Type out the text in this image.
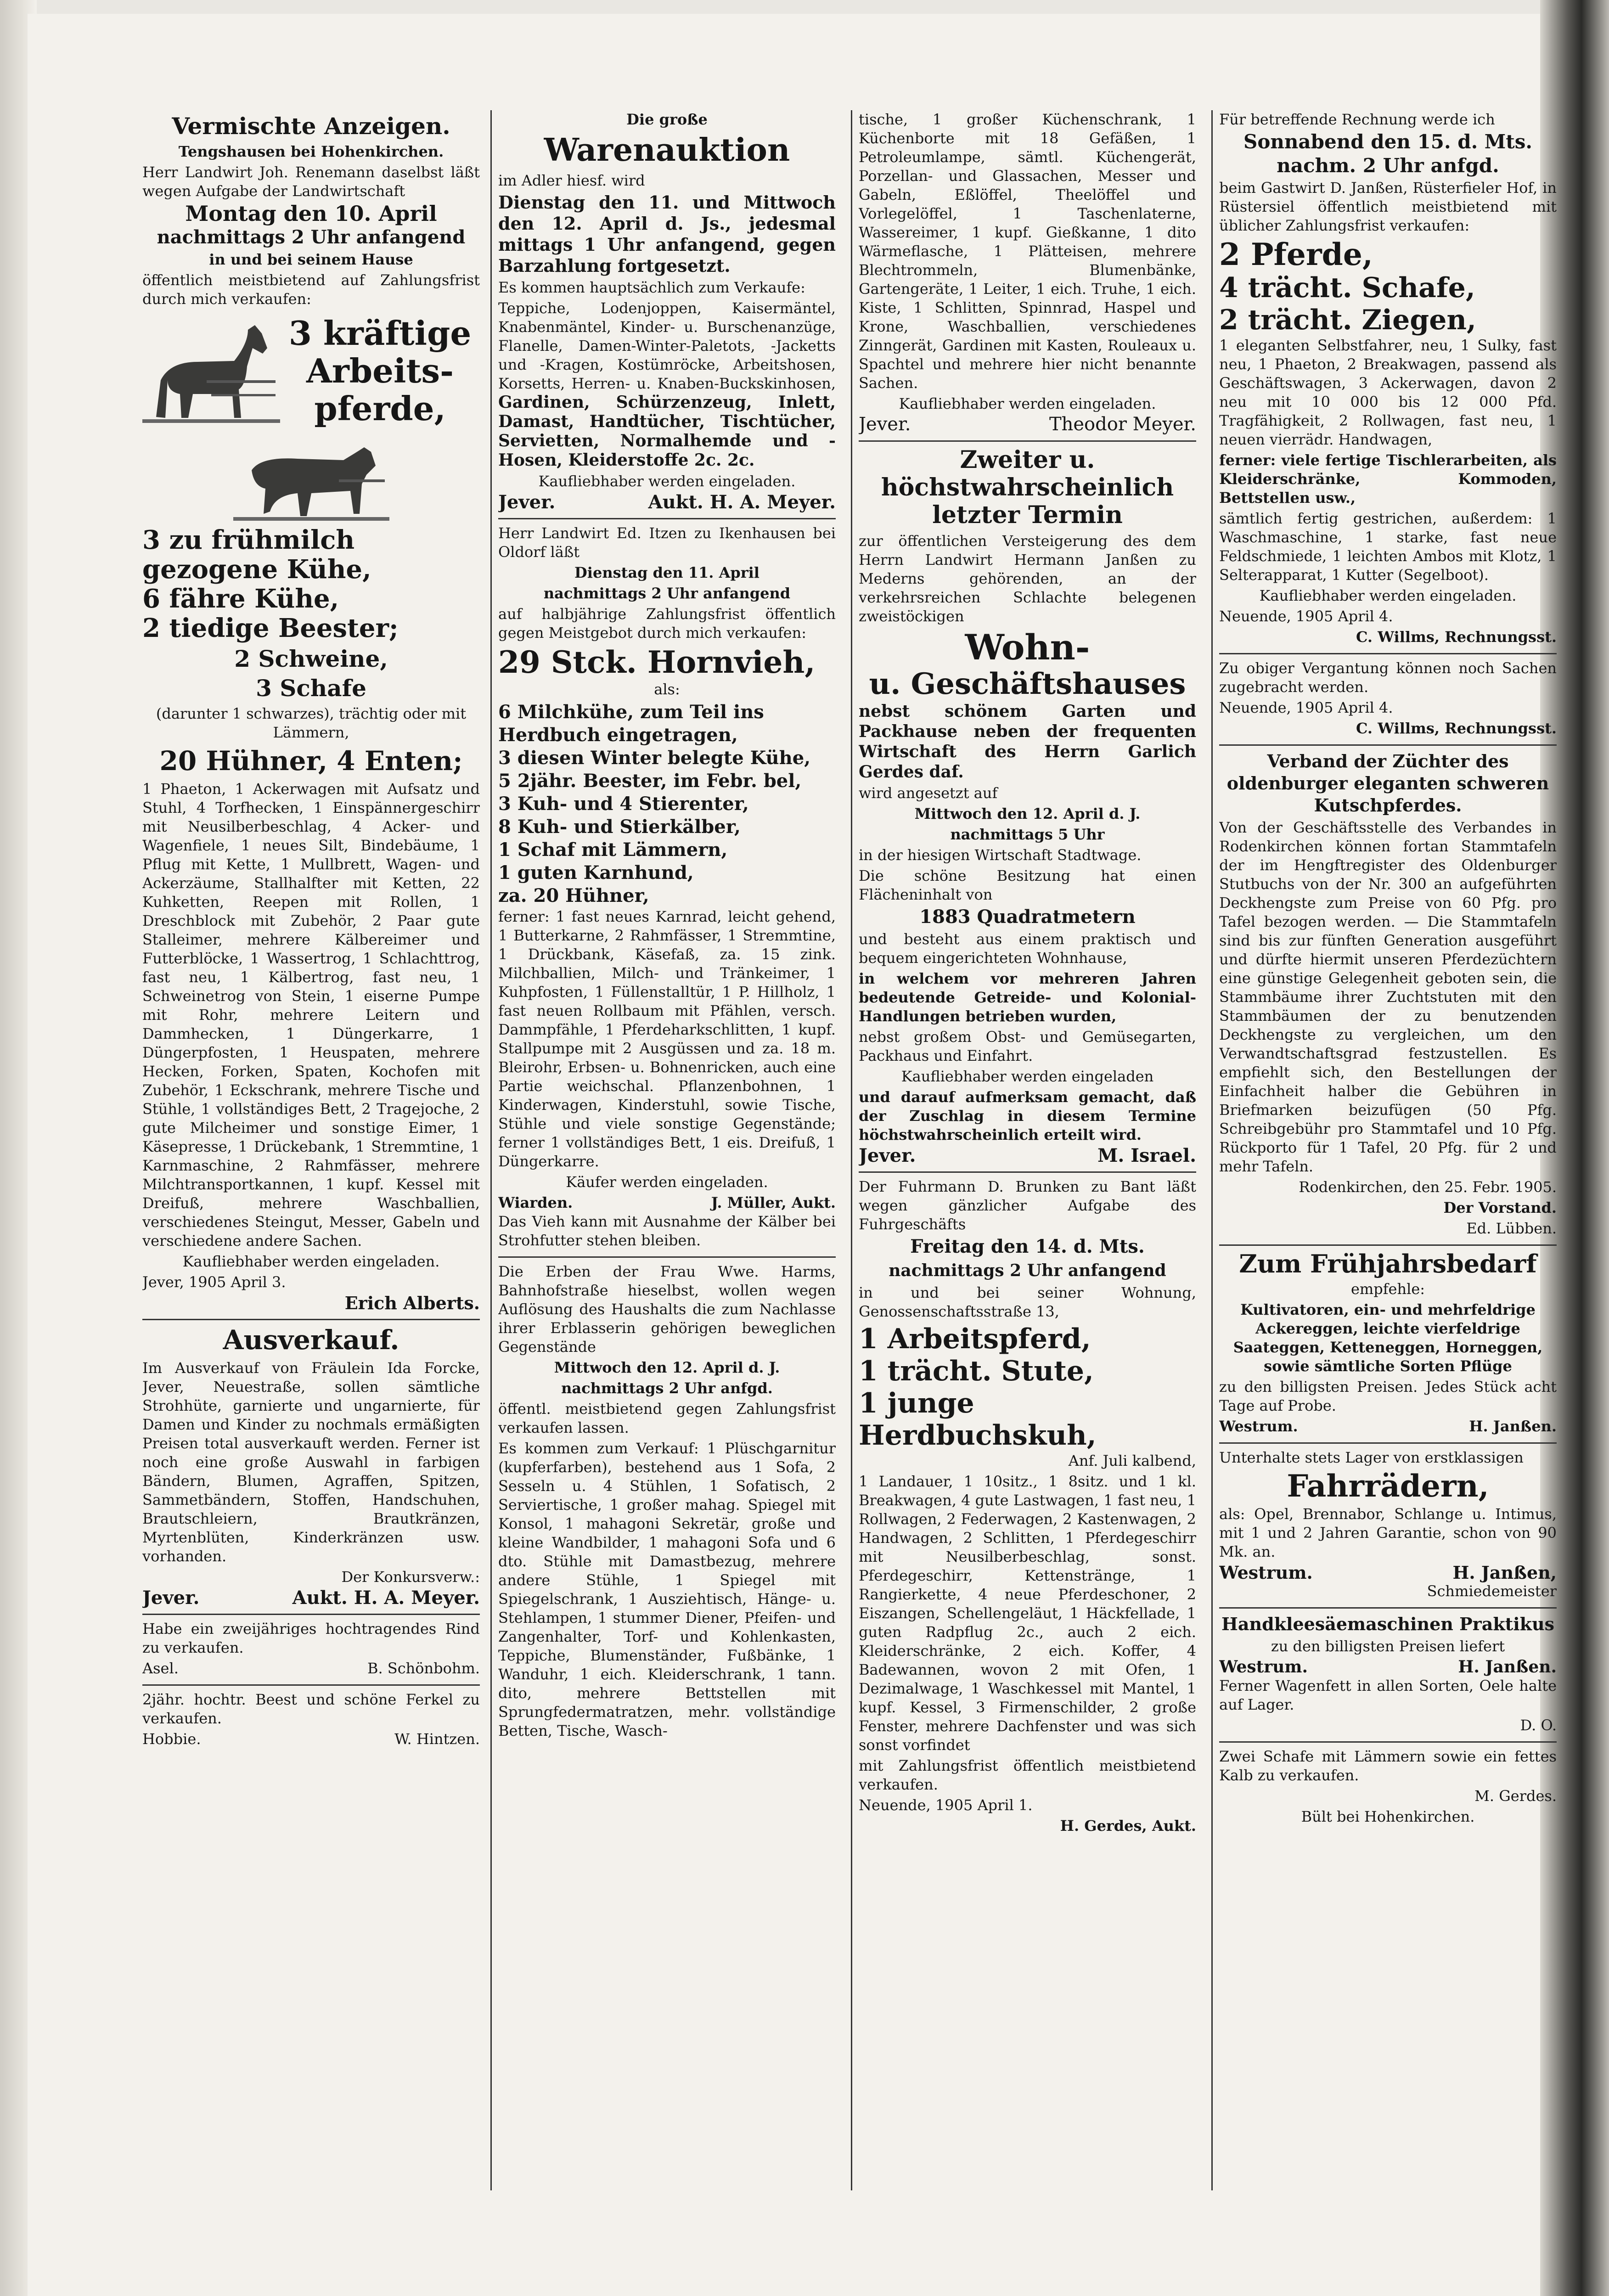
Vermischte Anzeigen.

Tengshausen bei Hohenkirchen.

Herr Landwirt Joh. Renemann daselbst läßt wegen Aufgabe der Landwirtschaft

Montag den 10. April
nachmittags 2 Uhr anfangend

in und bei seinem Hause

öffentlich meistbietend auf Zahlungsfrist durch mich verkaufen:

3 kräftige
Arbeits-
pferde,
3 zu frühmilch gezogene Kühe,
6 fähre Kühe,
2 tiedige Beester;
2 Schweine,
3 Schafe

(darunter 1 schwarzes), trächtig oder mit Lämmern,

20 Hühner, 4 Enten;

1 Phaeton, 1 Ackerwagen mit Aufsatz und Stuhl, 4 Torfhecken, 1 Einspännergeschirr mit Neusilberbeschlag, 4 Acker- und Wagenfiele, 1 neues Silt, Bindebäume, 1 Pflug mit Kette, 1 Mullbrett, Wagen- und Ackerzäume, Stallhalfter mit Ketten, 22 Kuhketten, Reepen mit Rollen, 1 Dreschblock mit Zubehör, 2 Paar gute Stalleimer, mehrere Kälbereimer und Futterblöcke, 1 Wassertrog, 1 Schlachttrog, fast neu, 1 Kälbertrog, fast neu, 1 Schweinetrog von Stein, 1 eiserne Pumpe mit Rohr, mehrere Leitern und Dammhecken, 1 Düngerkarre, 1 Düngerpfosten, 1 Heuspaten, mehrere Hecken, Forken, Spaten, Kochofen mit Zubehör, 1 Eckschrank, mehrere Tische und Stühle, 1 vollständiges Bett, 2 Tragejoche, 2 gute Milcheimer und sonstige Eimer, 1 Käsepresse, 1 Drückebank, 1 Stremmtine, 1 Karnmaschine, 2 Rahmfässer, mehrere Milchtransportkannen, 1 kupf. Kessel mit Dreifuß, mehrere Waschballien, verschiedenes Steingut, Messer, Gabeln und verschiedene andere Sachen.

Kaufliebhaber werden eingeladen.

Jever, 1905 April 3.

Erich Alberts.

Ausverkauf.

Im Ausverkauf von Fräulein Ida Forcke, Jever, Neuestraße, sollen sämtliche Strohhüte, garnierte und ungarnierte, für Damen und Kinder zu nochmals ermäßigten Preisen total ausverkauft werden. Ferner ist noch eine große Auswahl in farbigen Bändern, Blumen, Agraffen, Spitzen, Sammetbändern, Stoffen, Handschuhen, Brautschleiern, Brautkränzen, Myrtenblüten, Kinderkränzen usw. vorhanden.

Der Konkursverw.:

Jever.	Aukt. H. A. Meyer.

Habe ein zweijähriges hochtragendes Rind zu verkaufen.

Asel.	B. Schönbohm.

2jähr. hochtr. Beest und schöne Ferkel zu verkaufen.

Hobbie.	W. Hintzen.

Die große

Warenauktion

im Adler hiesf. wird

Dienstag den 11. und Mittwoch den 12. April d. Js., jedesmal mittags 1 Uhr anfangend, gegen Barzahlung fortgesetzt.

Es kommen hauptsächlich zum Verkaufe:

Teppiche, Lodenjoppen, Kaisermäntel, Knabenmäntel, Kinder- u. Burschenanzüge, Flanelle, Damen-Winter-Paletots, -Jacketts und -Kragen, Kostümröcke, Arbeitshosen, Korsetts, Herren- u. Knaben-Buckskinhosen, Gardinen, Schürzenzeug, Inlett, Damast, Handtücher, Tischtücher, Servietten, Normalhemde und -Hosen, Kleiderstoffe 2c. 2c.

Kaufliebhaber werden eingeladen.

Jever.	Aukt. H. A. Meyer.

Herr Landwirt Ed. Itzen zu Ikenhausen bei Oldorf läßt

Dienstag den 11. April

nachmittags 2 Uhr anfangend

auf halbjährige Zahlungsfrist öffentlich gegen Meistgebot durch mich verkaufen:

29 Stck. Hornvieh,

als:

6 Milchkühe, zum Teil ins Herdbuch eingetragen,
3 diesen Winter belegte Kühe,
5 2jähr. Beester, im Febr. bel,
3 Kuh- und 4 Stierenter,
8 Kuh- und Stierkälber,
1 Schaf mit Lämmern,
1 guten Karnhund,
za. 20 Hühner,

ferner: 1 fast neues Karnrad, leicht gehend, 1 Butterkarne, 2 Rahmfässer, 1 Stremmtine, 1 Drückbank, Käsefaß, za. 15 zink. Milchballien, Milch- und Tränkeimer, 1 Kuhpfosten, 1 Füllenstalltür, 1 P. Hillholz, 1 fast neuen Rollbaum mit Pfählen, versch. Dammpfähle, 1 Pferdeharkschlitten, 1 kupf. Stallpumpe mit 2 Ausgüssen und za. 18 m. Bleirohr, Erbsen- u. Bohnenricken, auch eine Partie weichschal. Pflanzenbohnen, 1 Kinderwagen, Kinderstuhl, sowie Tische, Stühle und viele sonstige Gegenstände; ferner 1 vollständiges Bett, 1 eis. Dreifuß, 1 Düngerkarre.

Käufer werden eingeladen.

Wiarden.	J. Müller, Aukt.

Das Vieh kann mit Ausnahme der Kälber bei Strohfutter stehen bleiben.

Die Erben der Frau Wwe. Harms, Bahnhofstraße hieselbst, wollen wegen Auflösung des Haushalts die zum Nachlasse ihrer Erblasserin gehörigen beweglichen Gegenstände

Mittwoch den 12. April d. J.

nachmittags 2 Uhr anfgd.

öffentl. meistbietend gegen Zahlungsfrist verkaufen lassen.

Es kommen zum Verkauf: 1 Plüschgarnitur (kupferfarben), bestehend aus 1 Sofa, 2 Sesseln u. 4 Stühlen, 1 Sofatisch, 2 Serviertische, 1 großer mahag. Spiegel mit Konsol, 1 mahagoni Sekretär, große und kleine Wandbilder, 1 mahagoni Sofa und 6 dto. Stühle mit Damastbezug, mehrere andere Stühle, 1 Spiegel mit Spiegelschrank, 1 Ausziehtisch, Hänge- u. Stehlampen, 1 stummer Diener, Pfeifen- und Zangenhalter, Torf- und Kohlenkasten, Teppiche, Blumenständer, Fußbänke, 1 Wanduhr, 1 eich. Kleiderschrank, 1 tann. dito, mehrere Bettstellen mit Sprungfedermatratzen, mehr. vollständige Betten, Tische, Wasch-

tische, 1 großer Küchenschrank, 1 Küchenborte mit 18 Gefäßen, 1 Petroleumlampe, sämtl. Küchengerät, Porzellan- und Glassachen, Messer und Gabeln, Eßlöffel, Theelöffel und Vorlegelöffel, 1 Taschenlaterne, Wassereimer, 1 kupf. Gießkanne, 1 dito Wärmeflasche, 1 Plätteisen, mehrere Blechtrommeln, Blumenbänke, Gartengeräte, 1 Leiter, 1 eich. Truhe, 1 eich. Kiste, 1 Schlitten, Spinnrad, Haspel und Krone, Waschballien, verschiedenes Zinngerät, Gardinen mit Kasten, Rouleaux u. Spachtel und mehrere hier nicht benannte Sachen.

Kaufliebhaber werden eingeladen.

Jever.	Theodor Meyer.
Zweiter u. höchstwahrscheinlich letzter Termin

zur öffentlichen Versteigerung des dem Herrn Landwirt Hermann Janßen zu Mederns gehörenden, an der verkehrsreichen Schlachte belegenen zweistöckigen

Wohn-
u. Geschäftshauses

nebst schönem Garten und Packhause neben der frequenten Wirtschaft des Herrn Garlich Gerdes daf.

wird angesetzt auf

Mittwoch den 12. April d. J.

nachmittags 5 Uhr

in der hiesigen Wirtschaft Stadtwage.

Die schöne Besitzung hat einen Flächeninhalt von

1883 Quadratmetern

und besteht aus einem praktisch und bequem eingerichteten Wohnhause,

in welchem vor mehreren Jahren bedeutende Getreide- und Kolonial-Handlungen betrieben wurden,

nebst großem Obst- und Gemüsegarten, Packhaus und Einfahrt.

Kaufliebhaber werden eingeladen

und darauf aufmerksam gemacht, daß der Zuschlag in diesem Termine höchstwahrscheinlich erteilt wird.

Jever.	M. Israel.

Der Fuhrmann D. Brunken zu Bant läßt wegen gänzlicher Aufgabe des Fuhrgeschäfts

Freitag den 14. d. Mts.
nachmittags 2 Uhr anfangend

in und bei seiner Wohnung, Genossenschaftsstraße 13,

1 Arbeitspferd,
1 trächt. Stute,
1 junge Herdbuchskuh,

Anf. Juli kalbend,

1 Landauer, 1 10sitz., 1 8sitz. und 1 kl. Breakwagen, 4 gute Lastwagen, 1 fast neu, 1 Rollwagen, 2 Federwagen, 2 Kastenwagen, 2 Handwagen, 2 Schlitten, 1 Pferdegeschirr mit Neusilberbeschlag, sonst. Pferdegeschirr, Kettenstränge, 1 Rangierkette, 4 neue Pferdeschoner, 2 Eiszangen, Schellengeläut, 1 Häckfellade, 1 guten Radpflug 2c., auch 2 eich. Kleiderschränke, 2 eich. Koffer, 4 Badewannen, wovon 2 mit Ofen, 1 Dezimalwage, 1 Waschkessel mit Mantel, 1 kupf. Kessel, 3 Firmenschilder, 2 große Fenster, mehrere Dachfenster und was sich sonst vorfindet

mit Zahlungsfrist öffentlich meistbietend verkaufen.

Neuende, 1905 April 1.

H. Gerdes, Aukt.

Für betreffende Rechnung werde ich

Sonnabend den 15. d. Mts.
nachm. 2 Uhr anfgd.

beim Gastwirt D. Janßen, Rüsterfieler Hof, in Rüstersiel öffentlich meistbietend mit üblicher Zahlungsfrist verkaufen:

2 Pferde,
4 trächt. Schafe,
2 trächt. Ziegen,

1 eleganten Selbstfahrer, neu, 1 Sulky, fast neu, 1 Phaeton, 2 Breakwagen, passend als Geschäftswagen, 3 Ackerwagen, davon 2 neu mit 10 000 bis 12 000 Pfd. Tragfähigkeit, 2 Rollwagen, fast neu, 1 neuen vierrädr. Handwagen,

ferner: viele fertige Tischlerarbeiten, als Kleiderschränke, Kommoden, Bettstellen usw.,

sämtlich fertig gestrichen, außerdem: 1 Waschmaschine, 1 starke, fast neue Feldschmiede, 1 leichten Ambos mit Klotz, 1 Selterapparat, 1 Kutter (Segelboot).

Kaufliebhaber werden eingeladen.

Neuende, 1905 April 4.

C. Willms, Rechnungsst.

Zu obiger Vergantung können noch Sachen zugebracht werden.

Neuende, 1905 April 4.

C. Willms, Rechnungsst.

Verband der Züchter des oldenburger eleganten schweren Kutschpferdes.

Von der Geschäftsstelle des Verbandes in Rodenkirchen können fortan Stammtafeln der im Hengftregister des Oldenburger Stutbuchs von der Nr. 300 an aufgeführten Deckhengste zum Preise von 60 Pfg. pro Tafel bezogen werden. — Die Stammtafeln sind bis zur fünften Generation ausgeführt und dürfte hiermit unseren Pferdezüchtern eine günstige Gelegenheit geboten sein, die Stammbäume ihrer Zuchtstuten mit den Stammbäumen der zu benutzenden Deckhengste zu vergleichen, um den Verwandtschaftsgrad festzustellen. Es empfiehlt sich, den Bestellungen der Einfachheit halber die Gebühren in Briefmarken beizufügen (50 Pfg. Schreibgebühr pro Stammtafel und 10 Pfg. Rückporto für 1 Tafel, 20 Pfg. für 2 und mehr Tafeln.

Rodenkirchen, den 25. Febr. 1905.

Der Vorstand.

Ed. Lübben.

Zum Frühjahrsbedarf

empfehle:

Kultivatoren, ein- und mehrfeldrige Ackereggen, leichte vierfeldrige Saateggen, Ketteneggen, Horneggen, sowie sämtliche Sorten Pflüge

zu den billigsten Preisen. Jedes Stück acht Tage auf Probe.

Westrum.	H. Janßen.

Unterhalte stets Lager von erstklassigen

Fahrrädern,

als: Opel, Brennabor, Schlange u. Intimus, mit 1 und 2 Jahren Garantie, schon von 90 Mk. an.

Westrum.	H. Janßen,

Schmiedemeister

Handkleesäemaschinen Praktikus

zu den billigsten Preisen liefert

Westrum.	H. Janßen.

Ferner Wagenfett in allen Sorten, Oele halte auf Lager.

D. O.

Zwei Schafe mit Lämmern sowie ein fettes Kalb zu verkaufen.

M. Gerdes.

Bült bei Hohenkirchen.
